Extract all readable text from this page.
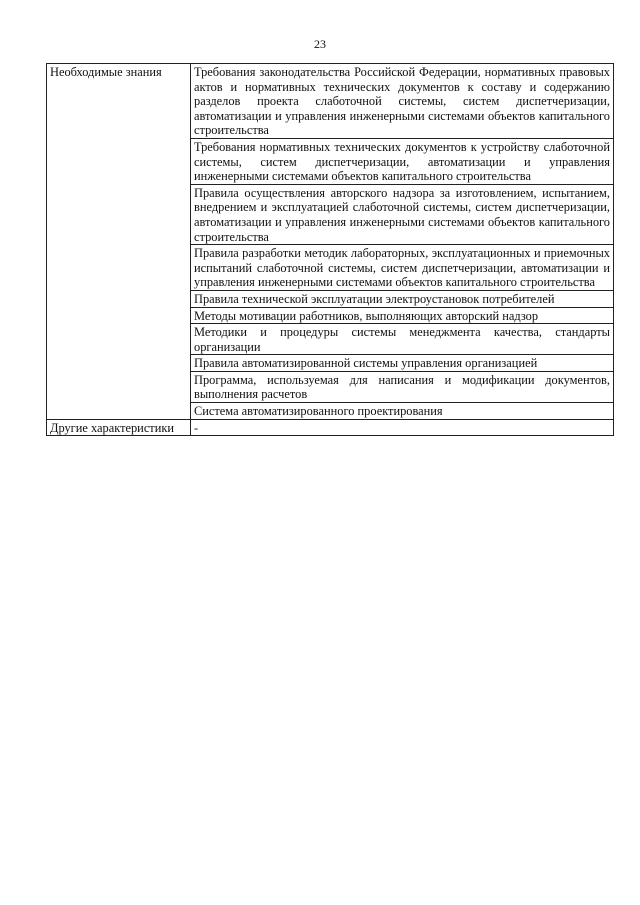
23
Необходимые знания	Требования законодательства Российской Федерации, нормативных правовых актов и нормативных технических документов к составу и содержанию разделов проекта слаботочной системы, систем диспетчеризации, автоматизации и управления инженерными системами объектов капитального строительства
	Требования нормативных технических документов к устройству слаботочной системы, систем диспетчеризации, автоматизации и управления инженерными системами объектов капитального строительства
	Правила осуществления авторского надзора за изготовлением, испытанием, внедрением и эксплуатацией слаботочной системы, систем диспетчеризации, автоматизации и управления инженерными системами объектов капитального строительства
	Правила разработки методик лабораторных, эксплуатационных и приемочных испытаний слаботочной системы, систем диспетчеризации, автоматизации и управления инженерными системами объектов капитального строительства
	Правила технической эксплуатации электроустановок потребителей
	Методы мотивации работников, выполняющих авторский надзор
	Методики и процедуры системы менеджмента качества, стандарты организации
	Правила автоматизированной системы управления организацией
	Программа, используемая для написания и модификации документов, выполнения расчетов
	Система автоматизированного проектирования
Другие характеристики	-
